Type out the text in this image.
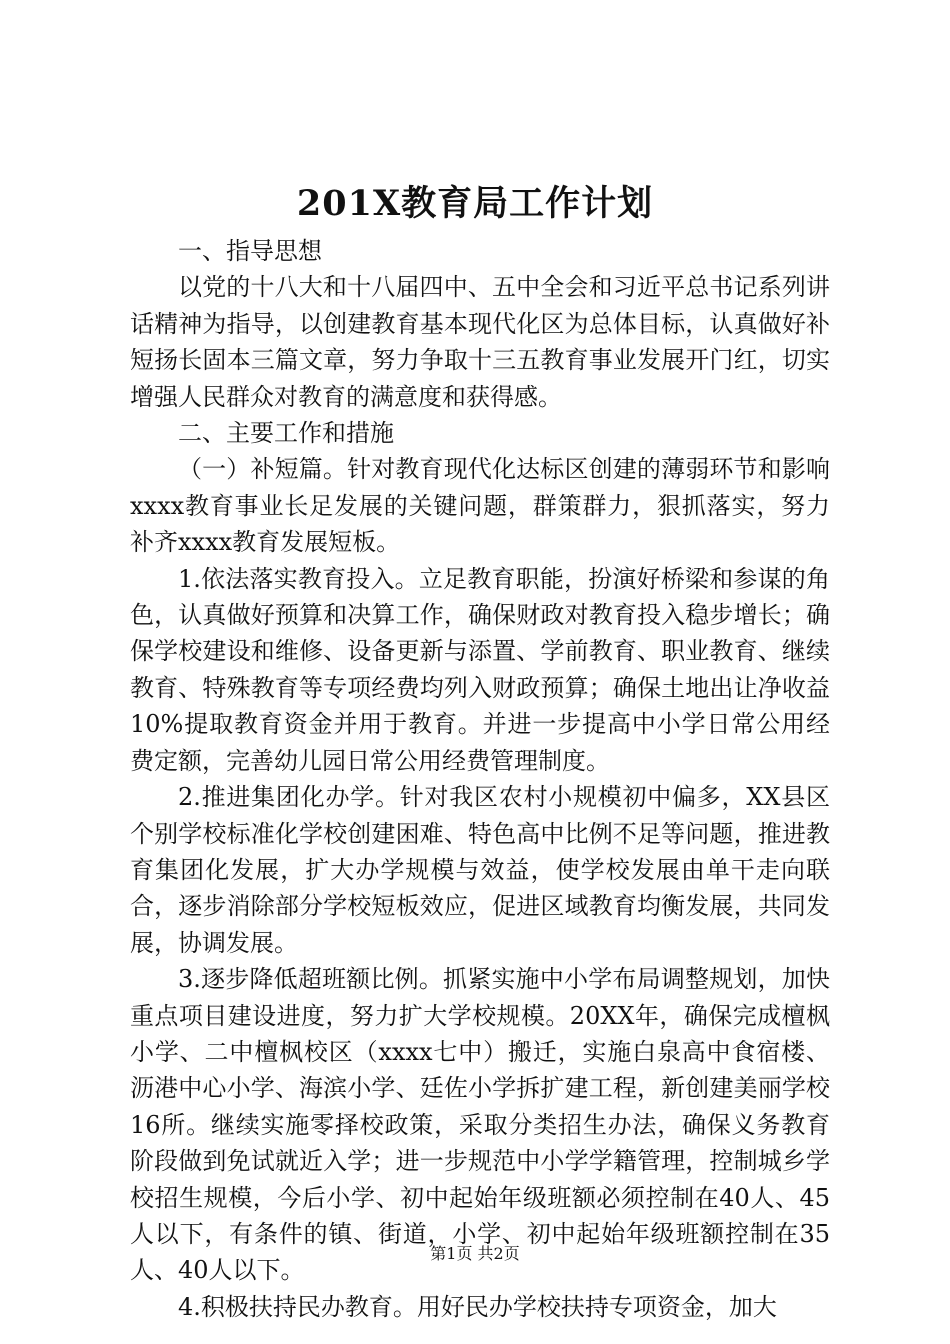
201X教育局工作计划

一、指导思想

以党的十八大和十八届四中、五中全会和习近平总书记系列讲话精神为指导，以创建教育基本现代化区为总体目标，认真做好补短扬长固本三篇文章，努力争取十三五教育事业发展开门红，切实增强人民群众对教育的满意度和获得感。

二、主要工作和措施

（一）补短篇。针对教育现代化达标区创建的薄弱环节和影响xxxx教育事业长足发展的关键问题，群策群力，狠抓落实，努力补齐xxxx教育发展短板。

1.依法落实教育投入。立足教育职能，扮演好桥梁和参谋的角色，认真做好预算和决算工作，确保财政对教育投入稳步增长；确保学校建设和维修、设备更新与添置、学前教育、职业教育、继续教育、特殊教育等专项经费均列入财政预算；确保土地出让净收益10%提取教育资金并用于教育。并进一步提高中小学日常公用经费定额，完善幼儿园日常公用经费管理制度。

2.推进集团化办学。针对我区农村小规模初中偏多，XX县区个别学校标准化学校创建困难、特色高中比例不足等问题，推进教育集团化发展，扩大办学规模与效益，使学校发展由单干走向联合，逐步消除部分学校短板效应，促进区域教育均衡发展，共同发展，协调发展。

3.逐步降低超班额比例。抓紧实施中小学布局调整规划，加快重点项目建设进度，努力扩大学校规模。20XX年，确保完成檀枫小学、二中檀枫校区（xxxx七中）搬迁，实施白泉高中食宿楼、沥港中心小学、海滨小学、廷佐小学拆扩建工程，新创建美丽学校16所。继续实施零择校政策，采取分类招生办法，确保义务教育阶段做到免试就近入学；进一步规范中小学学籍管理，控制城乡学校招生规模，今后小学、初中起始年级班额必须控制在40人、45人以下，有条件的镇、街道，小学、初中起始年级班额控制在35人、40人以下。

4.积极扶持民办教育。用好民办学校扶持专项资金，加大

第1页 共2页
